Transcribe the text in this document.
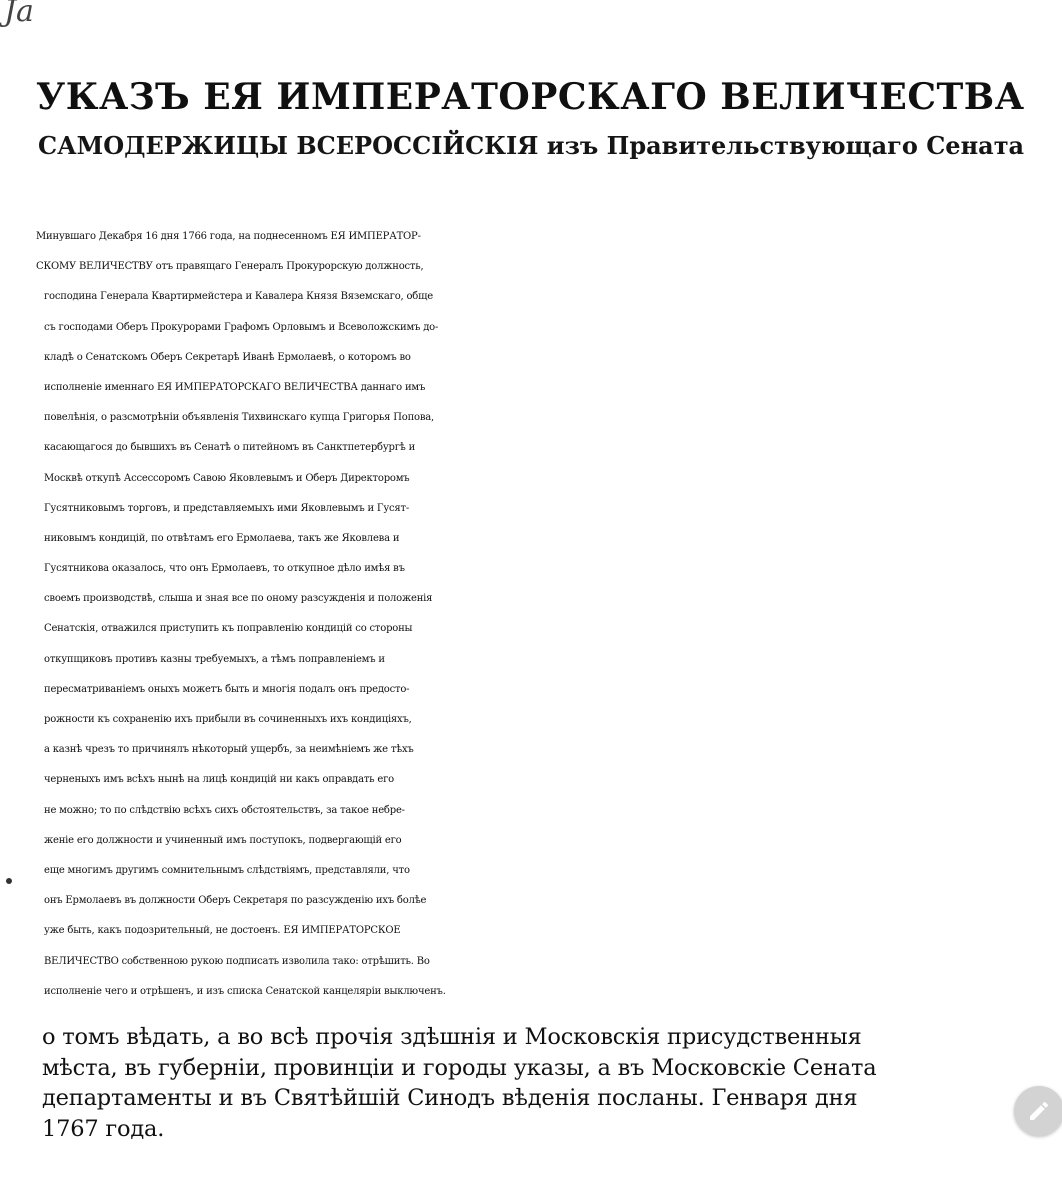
Ja
УКАЗЪ ЕЯ ИМПЕРАТОРСКАГО ВЕЛИЧЕСТВА
САМОДЕРЖИЦЫ ВСЕРОССІЙСКІЯ изъ Правительствующаго Сената
Минувшаго Декабря 16 дня 1766 года, на поднесенномъ ЕЯ ИМПЕРАТОР-
СКОМУ ВЕЛИЧЕСТВУ отъ правящаго Генералъ Прокурорскую должность,
господина Генерала Квартирмейстера и Кавалера Князя Вяземскаго, обще
съ господами Оберъ Прокурорами Графомъ Орловымъ и Всеволожскимъ до-
кладѣ о Сенатскомъ Оберъ Секретарѣ Иванѣ Ермолаевѣ, о которомъ во
исполненіе именнаго ЕЯ ИМПЕРАТОРСКАГО ВЕЛИЧЕСТВА даннаго имъ
повелѣнія, о разсмотрѣніи объявленія Тихвинскаго купца Григорья Попова,
касающагося до бывшихъ въ Сенатѣ о питейномъ въ Санктпетербургѣ и
Москвѣ откупѣ Ассессоромъ Савою Яковлевымъ и Оберъ Директоромъ
Гусятниковымъ торговъ, и представляемыхъ ими Яковлевымъ и Гусят-
никовымъ кондицій, по отвѣтамъ его Ермолаева, такъ же Яковлева и
Гусятникова оказалось, что онъ Ермолаевъ, то откупное дѣло имѣя въ
своемъ производствѣ, слыша и зная все по оному разсужденія и положенія
Сенатскія, отважился приступить къ поправленію кондицій со стороны
откупщиковъ противъ казны требуемыхъ, а тѣмъ поправленіемъ и
пересматриваніемъ оныхъ можетъ быть и многія подалъ онъ предосто-
рожности къ сохраненію ихъ прибыли въ сочиненныхъ ихъ кондиціяхъ,
а казнѣ чрезъ то причинялъ нѣкоторый ущербъ, за неимѣніемъ же тѣхъ
черненыхъ имъ всѣхъ нынѣ на лицѣ кондицій ни какъ оправдать его
не можно; то по слѣдствію всѣхъ сихъ обстоятельствъ, за такое небре-
женіе его должности и учиненный имъ поступокъ, подвергающій его
еще многимъ другимъ сомнительнымъ слѣдствіямъ, представляли, что
онъ Ермолаевъ въ должности Оберъ Секретаря по разсужденію ихъ болѣе
уже быть, какъ подозрительный, не достоенъ. ЕЯ ИМПЕРАТОРСКОЕ
ВЕЛИЧЕСТВО собственною рукою подписать изволила тако: отрѣшить. Во
исполненіе чего и отрѣшенъ, и изъ списка Сенатской канцеляріи выключенъ.
о томъ вѣдать, а во всѣ прочія здѣшнія и Московскія присудственныя
мѣста, въ губерніи, провинціи и городы указы, а въ Московскіе Сената
департаменты и въ Святѣйшій Синодъ вѣденія посланы. Генваря дня
1767 года.
